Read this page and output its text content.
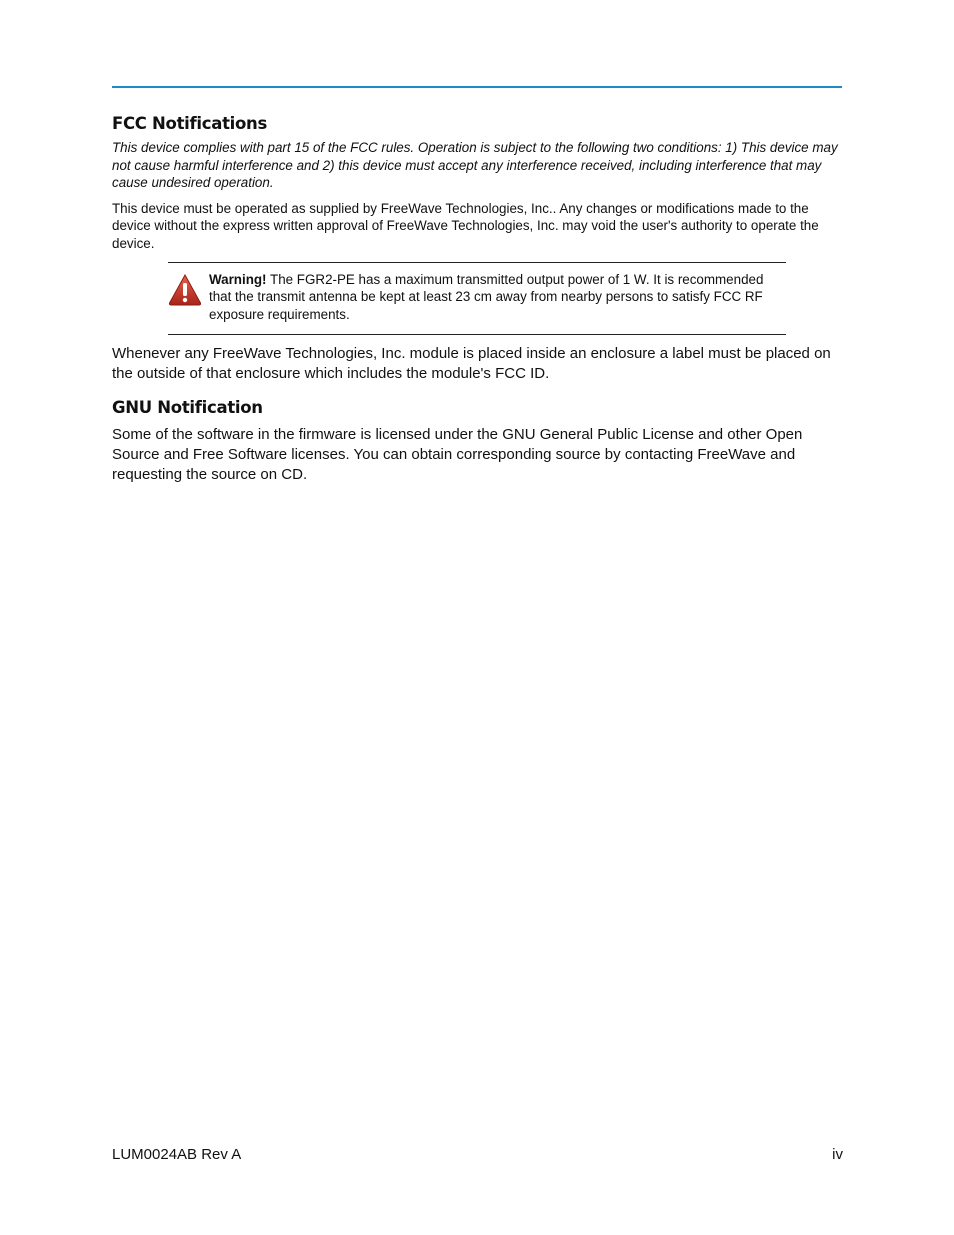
FCC Notifications

This device complies with part 15 of the FCC rules. Operation is subject to the following two conditions: 1) This device may not cause harmful interference and 2) this device must accept any interference received, including interference that may cause undesired operation.

This device must be operated as supplied by FreeWave Technologies, Inc.. Any changes or modifications made to the device without the express written approval of FreeWave Technologies, Inc. may void the user's authority to operate the device.

Warning! The FGR2-PE has a maximum transmitted output power of 1 W. It is recommended that the transmit antenna be kept at least 23 cm away from nearby persons to satisfy FCC RF exposure requirements.

Whenever any FreeWave Technologies, Inc. module is placed inside an enclosure a label must be placed on the outside of that enclosure which includes the module's FCC ID.

GNU Notification

Some of the software in the firmware is licensed under the GNU General Public License and other Open Source and Free Software licenses. You can obtain corresponding source by contacting FreeWave and requesting the source on CD.

LUM0024AB Rev A	iv
